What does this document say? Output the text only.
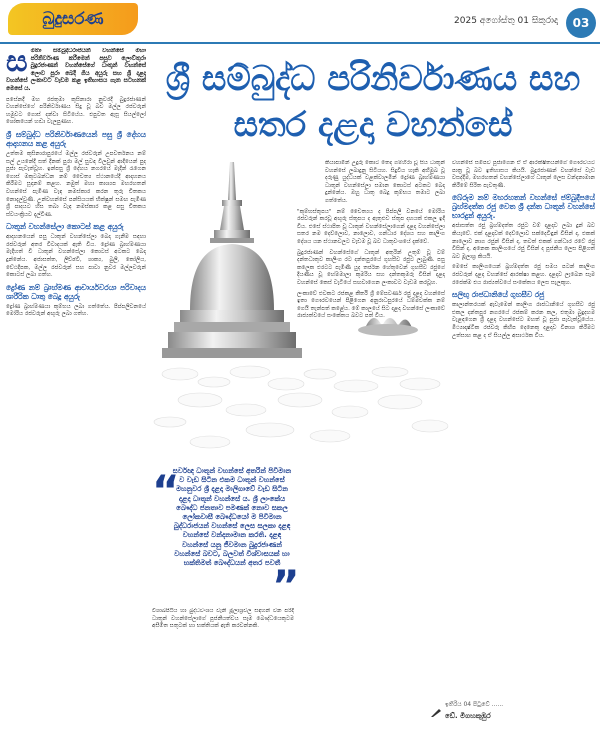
බුදුසරණ	2025 අගෝස්තු 01 සිකුරාදා	03
ස මිතා සම්බුද්ධරාජයන් වහන්සේ මහා පරිනිර්වාණ කරීමෙන් පසුව ලොව්තුරා බුදුරජාණන් වහන්සේගේ ධාතූන් වහන්සේ ලොව පුරා බෙදී ගිය අයුරු සහ ශ්‍රී දළදා වහන්සේ ලංකාවට වැඩම කළ ඉතිහාසය ගැන සටහනක් මෙසේ ය.

පසේනදී මහ රජතුමා කුසිනාරා නුවරදී බුදුරජාණන් වහන්සේගේ පරිනිර්වාණය සිදු වූ බව මල්ල රජවරුන් හමුවට ගොස් දන්වා සිටියේය. එපුවත ඇසූ සියල්ලෝ ශෝකයෙන් හඬා වැලපුණහ.

ශ්‍රී සම්බුද්ධ පරිනිර්වාණයෙන් පසු ශ්‍රී දේහය ආදාහනය කළ අයුරු

උත්තම කුසිනාරාපුරයේ මල්ල රජවරුන් උපවර්තනය නම් සල් උයනේදී සත් දිනක් පුරා මල් සුවඳ විලවුන් ආදියෙන් පුද පූජා පැවැත්වූහ. ඉන්පසු ශ්‍රී දේහය නගරයේ මැදින් රැගෙන ගොස් මකුටබන්ධන නම් චෛත්‍ය ස්ථානයේදී ආදාහනය කිරීමට සූදානම් කළහ. නමුත් මහා කාශ්‍යප මහරහතන් වහන්සේ පැමිණ වැඳ නමස්කාර කරන තුරු චිතකය නොදැල්වුණි. උන්වහන්සේ පන්සියයක් භික්ෂූන් සමඟ පැමිණ ශ්‍රී පාදයට හිස තබා වැඳ නමස්කාර කළ පසු චිතකය ස්වයංක්‍රියව දැල්විණ.

ධාතූන් වහන්සේලා කොටස් කළ අයුරු

ආදාහනයෙන් පසු ධාතූන් වහන්සේලා බෙදා ගැනීම සඳහා රජවරුන් අතර විවාදයක් ඇති විය. ද්‍රෝණ බ්‍රාහ්මණයා මැදිහත් වී ධාතූන් වහන්සේලා කොටස් අටකට බෙදා දුන්නේය. අජාසත්ත, ලිච්ඡවී, ශාක්‍ය, බුලි, කෝලිය, වේඨදීපක, මල්ල රජවරුන් සහ පාවා නුවර මල්ලවරුන් කොටස් ලබා ගත්හ.

ද්‍රෝණ නම් බ්‍රාහ්මණ ආචාර්යවරයා පරිවාදය ශාරීරික ධාතු බෙදූ අයුරු

ද්‍රෝණ බ්‍රාහ්මණයා කුම්භය ලබා ගත්තේය. පිප්පලිවනයේ මෝරිය රජවරුන් අඟුරු ලබා ගත්හ.

ශ්‍රී සම්බුද්ධ පරිනිර්වාණය සහ
සතර දළදා වහන්සේ

කියාපාමින් උදුරු කොට තෙද ගම්හිරා වූ සිය ධාතූන් වහන්සේ ලබාදුනු සිටියහ. සිදුවිය හැකි අභිමුඛ වූ දරුණු යුද්ධයක් වළක්වාලමින් ද්‍රෝණ බ්‍රාහ්මණයා ධාතූන් වහන්සේලා සමාන කොටස් අටකට බෙදා දුන්නේය. ඔහු ධාතු බෙදූ කුම්භය තමාට ලබා ගත්තේය.

"කුම්භස්තූපය" නම් චෛත්‍යය ද පිප්පලි වනයේ මෝරිය රජවරුන් කරවූ අඟුරු ස්තූපය ද ඇතුළුව ස්තූප දහයක් එකල ඉදි විය. එසේ ස්ථාපිත වූ ධාතූන් වහන්සේලාගෙන් දළදා වහන්සේලා සතර නම දෙව්ලොව, නාලොව, ගන්ධාර දේශය සහ කාලිංග දේශය යන ස්ථානවලට වැඩම වූ බව ධාතුවංශයේ දැක්වේ.

බුදුරජාණන් වහන්සේගේ ධාතූන් අතුරින් උතුම් වූ වම් දන්තධාතුව කාලිංග රට දන්තපුරයේ ගුහසීව රජුට ලැබුණි. පසු කලෙක එරටට පැමිණි යුද තර්ජන හේතුවෙන් ගුහසීව රජුගේ දියණිය වූ හේමමාලා කුමරිය සහ දන්තකුමරු විසින් දළදා වහන්සේ කෙස් වැටියේ සඟවාගෙන ලංකාවට වැඩම කරවූහ.

ලංකාවේ එවකට රජකළ කීර්ති ශ්‍රී මේඝවර්ණ රජු දළදා වහන්සේ ඉතා ගෞරවයෙන් පිළිගෙන අනුරාධපුරයේ ධම්මචක්ක නම් ගෙයි තැන්පත් කළේය. මේ කාලයේ සිට දළදා වහන්සේ ලංකාවේ රාජ්‍යත්වයේ සංකේතය බවට පත් විය.

“
සර්වඥ ධාතූන් වහන්සේ අතරින් පිවිමාන ව වැඩ සිටින එකම ධාතූන් වහන්සේ මහනුවර ශ්‍රී දළදා මාලිගාවේ වැඩ සිටින දළදා ධාතූන් වහන්සේ ය. ශ්‍රී ලාංකේය බෞද්ධ ජනතාව පමණක් නොව සකල ලෝකවාසී බෞද්ධයෝ ම පිවිමාන බුද්ධරාජයන් වහන්සේ ලෙස සලකා දළඳ වහන්සේ වන්දනාමාන කරති. දළඳ වහන්සේ යනු ජීවමාන බුදුරජාණන් වහන්සේ බවට, බලවත් විශ්වාසයක් හා භක්තිමත් බෞද්ධයන් අතර පවතී
”

විශාඛපිඨිය හා බුද්ධවංශය වැනි මූලාශ්‍රවල සඳහන් වන පරිදි ධාතූන් වහන්සේලාගේ පූජනීයත්වය සෑම බෞද්ධයෙකුටම අසීමිත සතුටක් හා භක්තියක් ඇති කරවන්නකි.

වහන්සේ සමීපව පූජාගෙන ඒ ඒ ආරක්ෂිතයන්ගේ ගෞරවයට පාත්‍ර වූ බව ඉතිහාසය කියයි. බුදුරජාණන් වහන්සේ වැඩ වසද්දීම, මහරහතන් වහන්සේලාගේ ධාතූන් ලෙස වන්දනාමාන කිරීමේ සිරිත පැවතුණි.

බේරුම නම් මහරහතන් වහන්සේ ජම්බුදීපයේ බ්‍රහ්මදත්ත රජු වෙත ශ්‍රී දන්ත ධාතූන් වහන්සේ භාරදුන් අයුරු.

අජාසත්ත රජු බ්‍රහ්මදත්ත රජුට වම් දළදාව ලබා දුන් බව කියැවේ. එක් දළදාවක් දෙව්ලොව සක්දෙවිඳුන් විසින් ද, එකක් නාලොව නාග රජුන් විසින් ද, තවත් එකක් ගන්ධාර රටේ රජු විසින් ද, අනෙක කාලිංගයේ රජු විසින් ද පූජනීය ලෙස පිළිගත් බව මූලාශ්‍ර කියයි.

මෙසේ කාලිංගයෙන් බ්‍රහ්මදත්ත රජු සමය පටන් කාලිංග රජවරුන් දළදා වහන්සේ ආරක්ෂා කළහ. දළදාව ලැබෙන සෑම රජෙක්ම එය රාජ්‍යත්වයේ සංකේතය ලෙස සැලකූහ.

සලිඟු රාජධානියේ ගුහසීව රජු

කාලාන්තරයක් ඇවෑමෙන් කාලිංග රාජධානියේ ගුහසීව රජු එකල දන්තපුර නගරයේ රජකම් කරන කල, එතුමා බුදුදහම වැළඳගෙන ශ්‍රී දළදා වහන්සේට මහත් වූ පූජා පැවැත්වූයේය. මිථ්‍යාදෘෂ්ටික රජවරු කිහිප දෙනෙකු දළදාව විනාශ කිරීමට උත්සාහ කළ ද ඒ සියල්ල අසාර්ථක විය.

ඉතිරිය 04 පිටුවේ ......
ඩේ. මීගහකුඹුර
